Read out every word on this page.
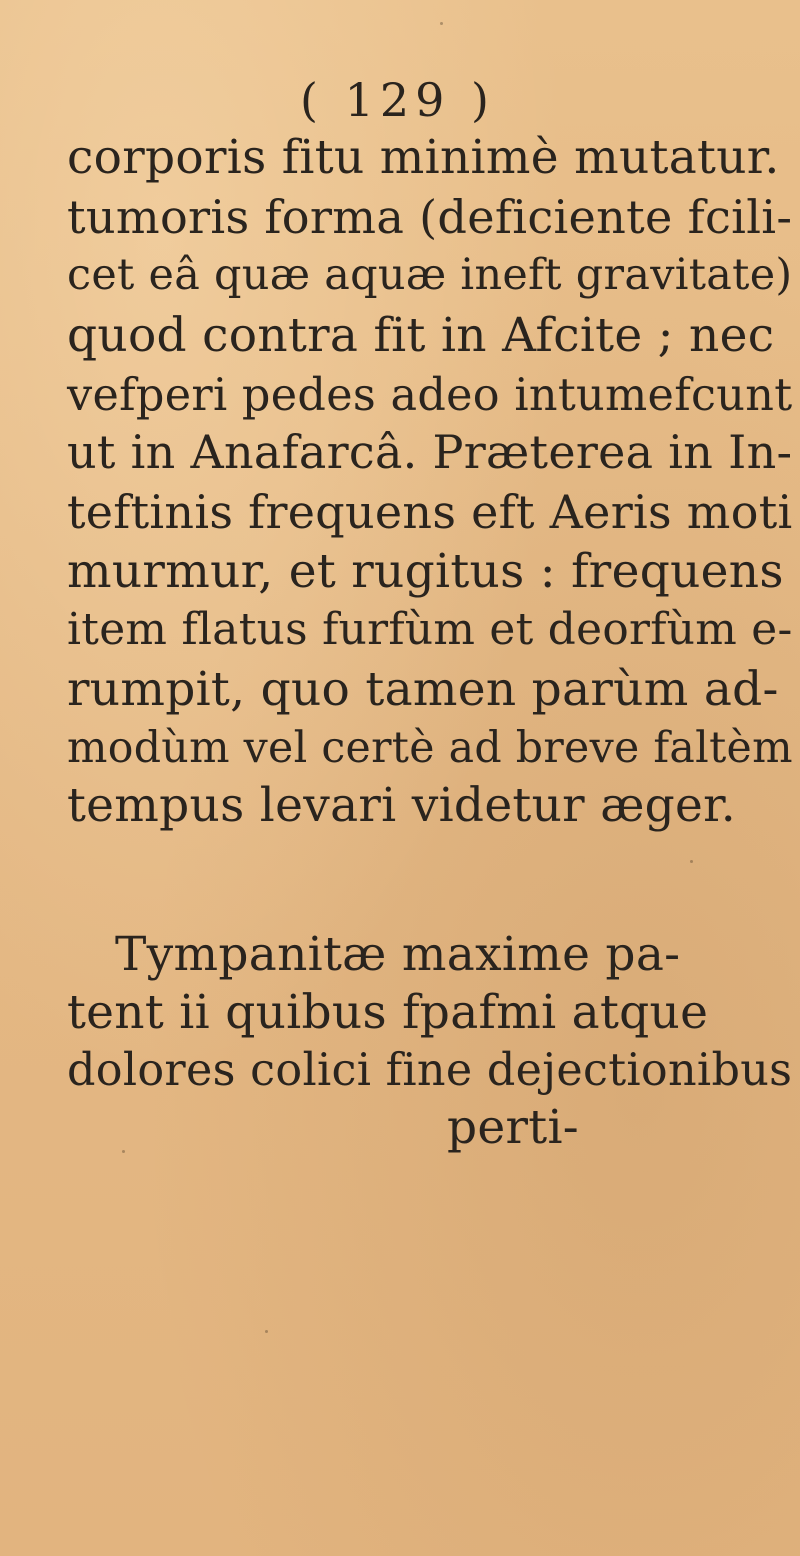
( 129 )
corporis fitu minimè mutatur.
tumoris forma (deficiente fcili-
cet eâ quæ aquæ ineft gravitate)
quod contra fit in Afcite ; nec
vefperi pedes adeo intumefcunt
ut in Anafarcâ. Præterea in In-
teftinis frequens eft Aeris moti
murmur, et rugitus : frequens
item flatus furfùm et deorfùm e-
rumpit, quo tamen parùm ad-
modùm vel certè ad breve faltèm
tempus levari videtur æger.
Tympanitæ maxime pa-
tent ii quibus fpafmi atque
dolores colici fine dejectionibus
perti-
